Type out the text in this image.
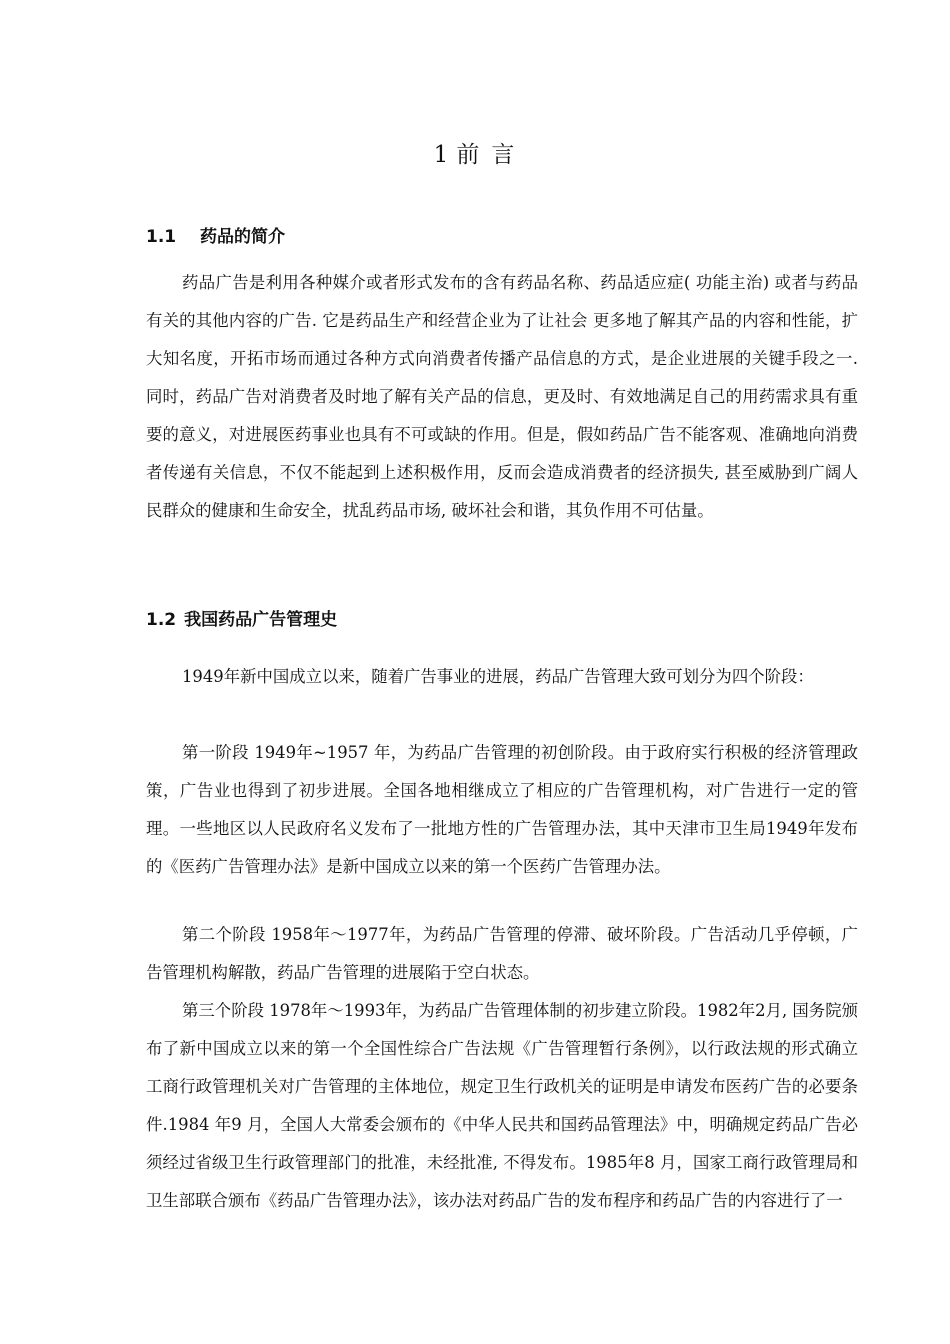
1 前 言
1.1 药品的简介

药品广告是利用各种媒介或者形式发布的含有药品名称、药品适应症( 功能主治) 或者与药品有关的其他内容的广告. 它是药品生产和经营企业为了让社会 更多地了解其产品的内容和性能，扩大知名度，开拓市场而通过各种方式向消费者传播产品信息的方式，是企业进展的关键手段之一. 同时，药品广告对消费者及时地了解有关产品的信息，更及时、有效地满足自己的用药需求具有重要的意义，对进展医药事业也具有不可或缺的作用。但是，假如药品广告不能客观、准确地向消费者传递有关信息，不仅不能起到上述积极作用，反而会造成消费者的经济损失, 甚至威胁到广阔人民群众的健康和生命安全，扰乱药品市场, 破坏社会和谐，其负作用不可估量。

1.2 我国药品广告管理史

1949年新中国成立以来，随着广告事业的进展，药品广告管理大致可划分为四个阶段：

第一阶段 1949年~1957 年，为药品广告管理的初创阶段。由于政府实行积极的经济管理政策，广告业也得到了初步进展。全国各地相继成立了相应的广告管理机构，对广告进行一定的管理。一些地区以人民政府名义发布了一批地方性的广告管理办法，其中天津市卫生局1949年发布的《医药广告管理办法》是新中国成立以来的第一个医药广告管理办法。

第二个阶段 1958年～1977年，为药品广告管理的停滞、破坏阶段。广告活动几乎停顿，广告管理机构解散，药品广告管理的进展陷于空白状态。

第三个阶段 1978年～1993年，为药品广告管理体制的初步建立阶段。1982年2月, 国务院颁布了新中国成立以来的第一个全国性综合广告法规《广告管理暂行条例》，以行政法规的形式确立工商行政管理机关对广告管理的主体地位，规定卫生行政机关的证明是申请发布医药广告的必要条件.1984 年9 月，全国人大常委会颁布的《中华人民共和国药品管理法》中，明确规定药品广告必须经过省级卫生行政管理部门的批准，未经批准, 不得发布。1985年8 月，国家工商行政管理局和卫生部联合颁布《药品广告管理办法》，该办法对药品广告的发布程序和药品广告的内容进行了一
